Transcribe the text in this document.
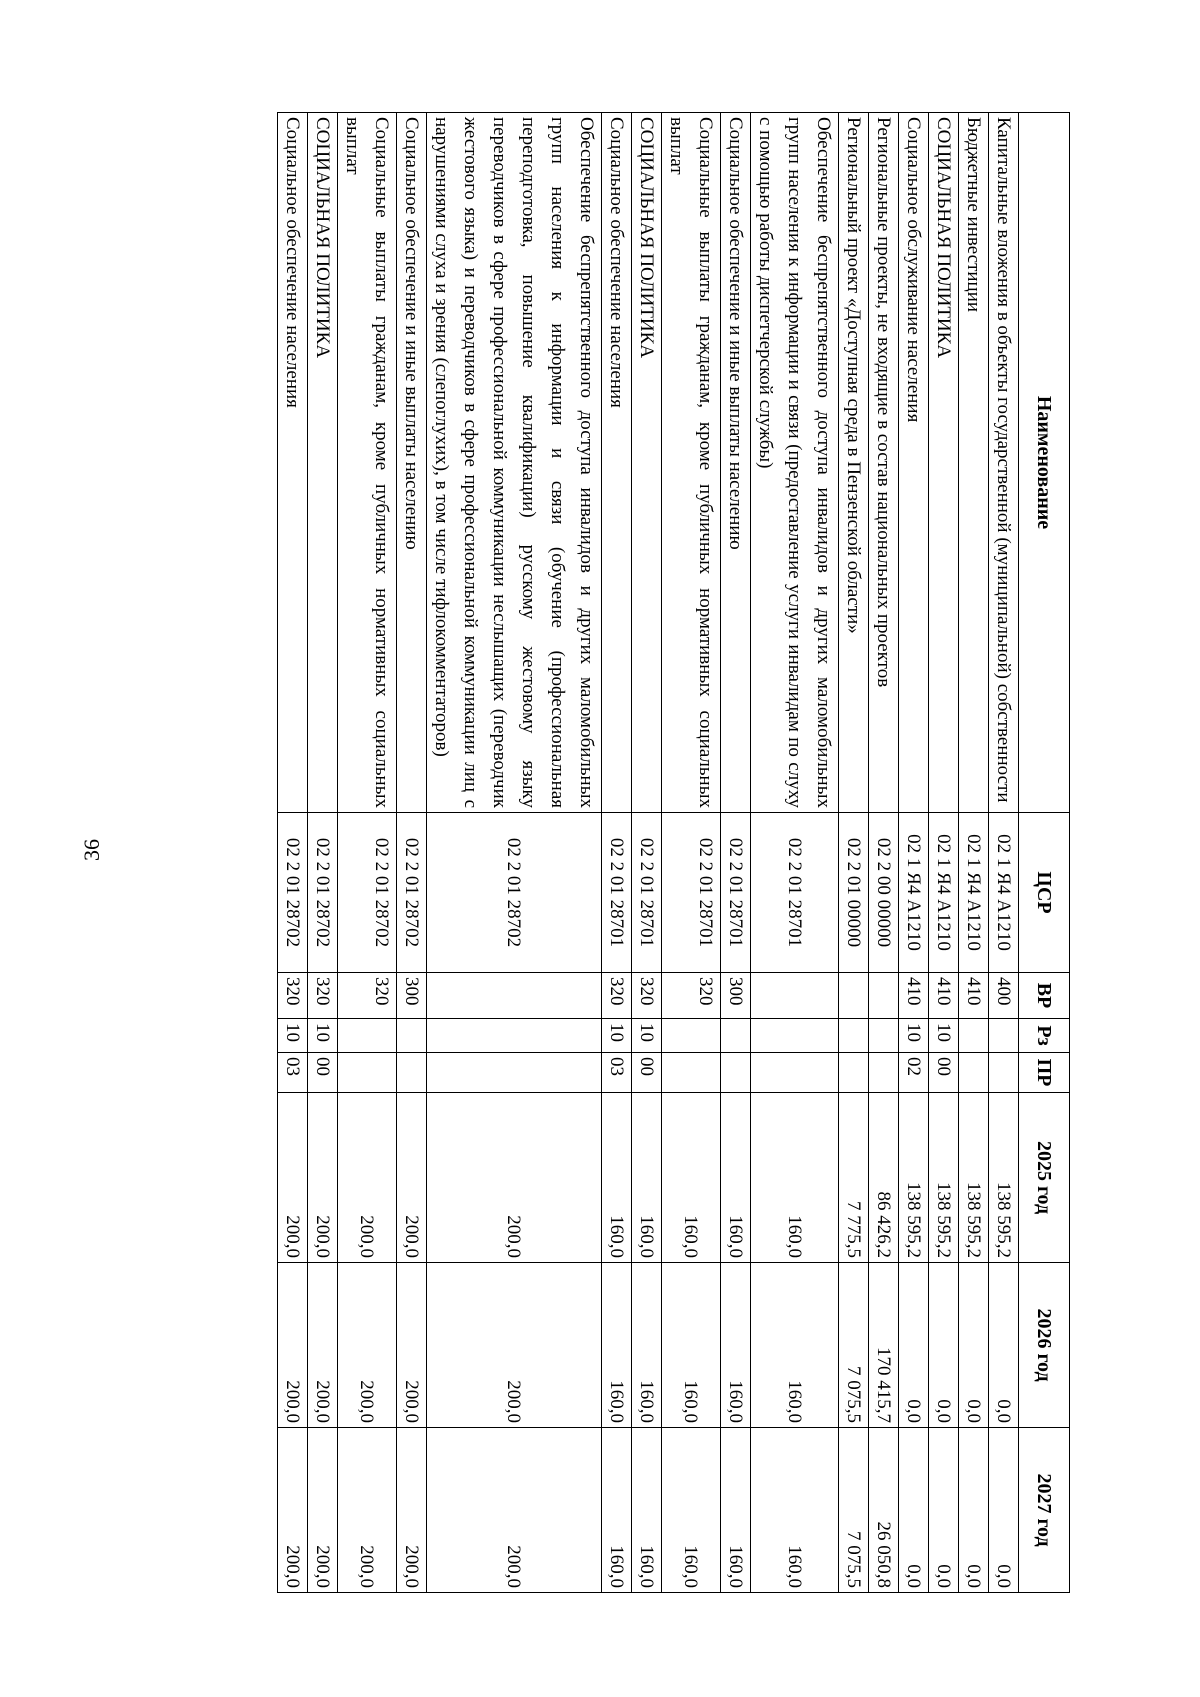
36
Наименование	ЦСР	ВР	Рз	ПР	2025 год	2026 год	2027 год
Капитальные вложения в объекты государственной (муниципальной) собственности	02 1 Я4 А1210	400			138 595,2	0,0	0,0
Бюджетные инвестиции	02 1 Я4 А1210	410			138 595,2	0,0	0,0
СОЦИАЛЬНАЯ ПОЛИТИКА	02 1 Я4 А1210	410	10	00	138 595,2	0,0	0,0
Социальное обслуживание населения	02 1 Я4 А1210	410	10	02	138 595,2	0,0	0,0
Региональные проекты, не входящие в состав национальных проектов	02 2 00 00000				86 426,2	170 415,7	26 050,8
Региональный проект «Доступная среда в Пензенской области»	02 2 01 00000				7 775,5	7 075,5	7 075,5
Обеспечение беспрепятственного доступа инвалидов и других маломобильных групп населения к информации и связи (предоставление услуги инвалидам по слуху с помощью работы диспетчерской службы)	02 2 01 28701				160,0	160,0	160,0
Социальное обеспечение и иные выплаты населению	02 2 01 28701	300			160,0	160,0	160,0
Социальные выплаты гражданам, кроме публичных нормативных социальных выплат	02 2 01 28701	320			160,0	160,0	160,0
СОЦИАЛЬНАЯ ПОЛИТИКА	02 2 01 28701	320	10	00	160,0	160,0	160,0
Социальное обеспечение населения	02 2 01 28701	320	10	03	160,0	160,0	160,0
Обеспечение беспрепятственного доступа инвалидов и других маломобильных групп населения к информации и связи (обучение (профессиональная переподготовка, повышение квалификации) русскому жестовому языку переводчиков в сфере профессиональной коммуникации неслышащих (переводчик жестового языка) и переводчиков в сфере профессиональной коммуникации лиц с нарушениями слуха и зрения (слепоглухих), в том числе тифлокомментаторов)	02 2 01 28702				200,0	200,0	200,0
Социальное обеспечение и иные выплаты населению	02 2 01 28702	300			200,0	200,0	200,0
Социальные выплаты гражданам, кроме публичных нормативных социальных выплат	02 2 01 28702	320			200,0	200,0	200,0
СОЦИАЛЬНАЯ ПОЛИТИКА	02 2 01 28702	320	10	00	200,0	200,0	200,0
Социальное обеспечение населения	02 2 01 28702	320	10	03	200,0	200,0	200,0
